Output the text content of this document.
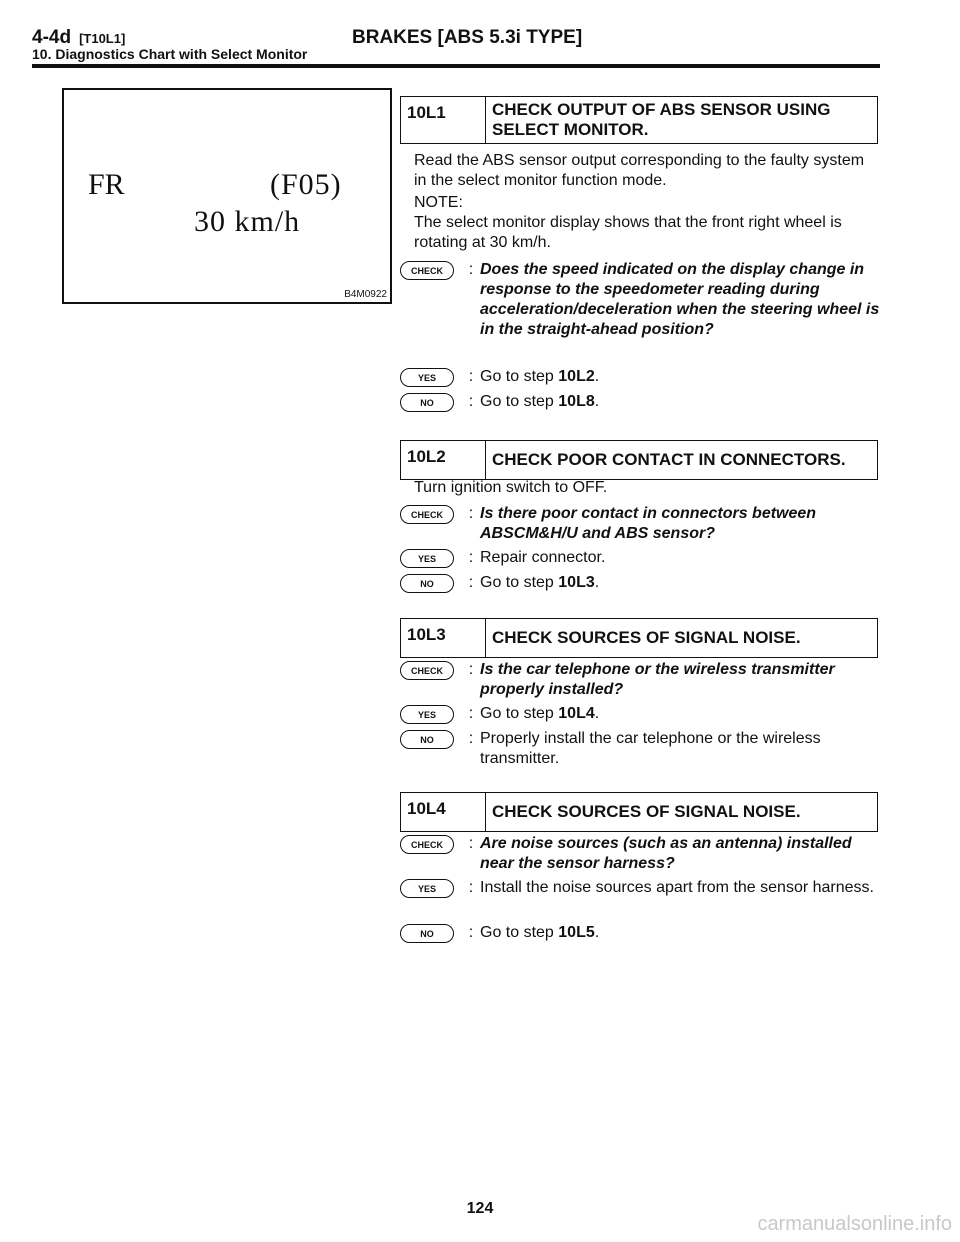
4-4d [T10L1]	BRAKES [ABS 5.3i TYPE]
10. Diagnostics Chart with Select Monitor
FR	(F05)
30 km/h
B4M0922
10L1	CHECK OUTPUT OF ABS SENSOR USING SELECT MONITOR.
Read the ABS sensor output corresponding to the faulty system in the select monitor function mode.
NOTE:
The select monitor display shows that the front right wheel is rotating at 30 km/h.
CHECK	: Does the speed indicated on the display change in response to the speedometer reading during acceleration/deceleration when the steering wheel is in the straight-ahead position?
YES	: Go to step 10L2.
NO	: Go to step 10L8.
10L2	CHECK POOR CONTACT IN CONNECTORS.
Turn ignition switch to OFF.
CHECK	: Is there poor contact in connectors between ABSCM&H/U and ABS sensor?
YES	: Repair connector.
NO	: Go to step 10L3.
10L3	CHECK SOURCES OF SIGNAL NOISE.
CHECK	: Is the car telephone or the wireless transmitter properly installed?
YES	: Go to step 10L4.
NO	: Properly install the car telephone or the wireless transmitter.
10L4	CHECK SOURCES OF SIGNAL NOISE.
CHECK	: Are noise sources (such as an antenna) installed near the sensor harness?
YES	: Install the noise sources apart from the sensor harness.
NO	: Go to step 10L5.
124
carmanualsonline.info
